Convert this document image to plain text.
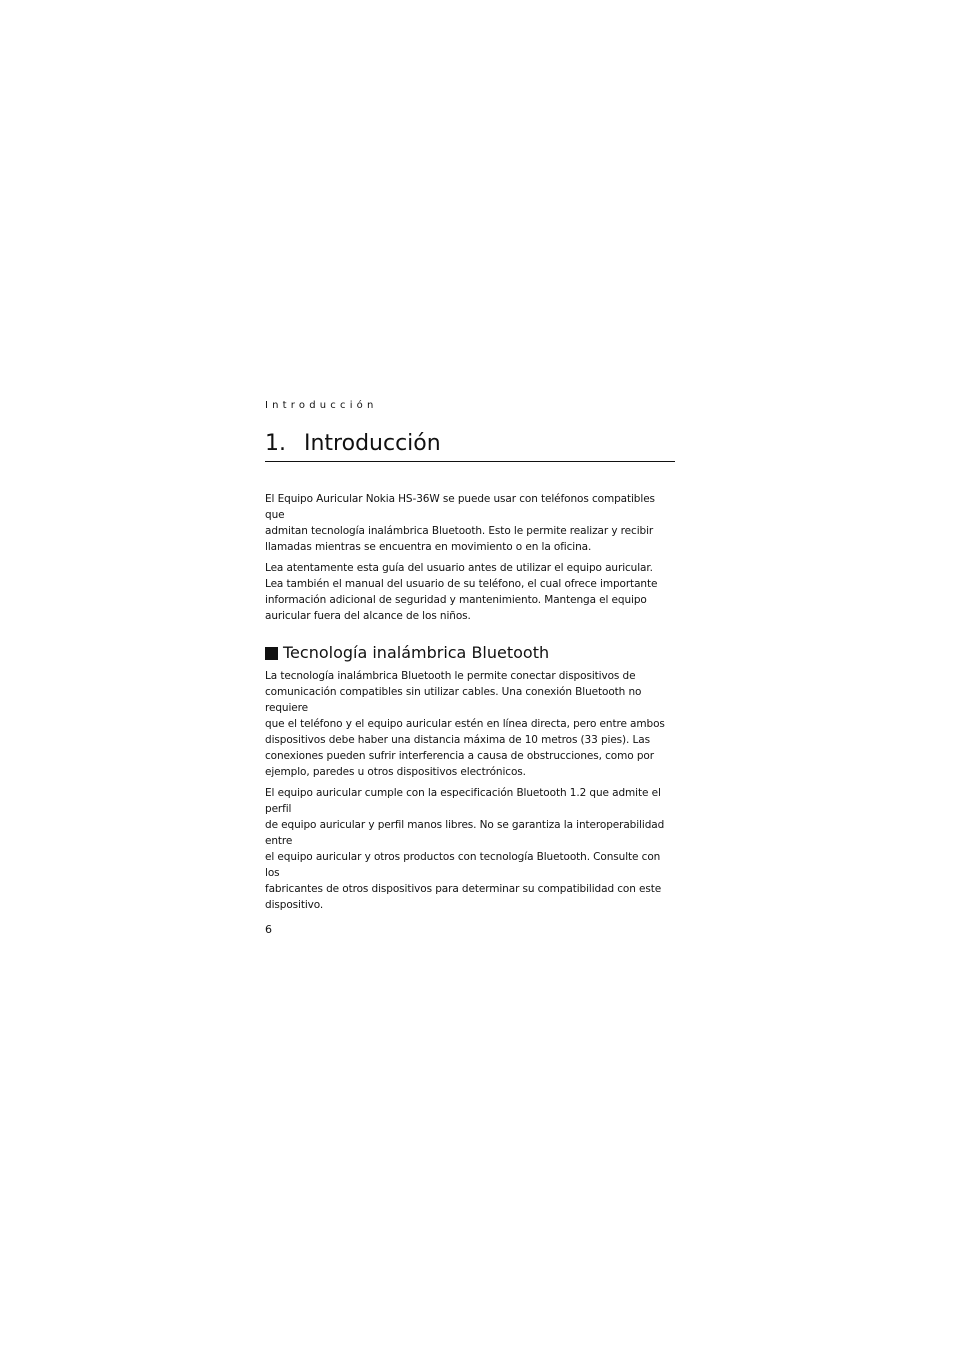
Introducción

1. Introducción

El Equipo Auricular Nokia HS-36W se puede usar con teléfonos compatibles que
admitan tecnología inalámbrica Bluetooth. Esto le permite realizar y recibir
llamadas mientras se encuentra en movimiento o en la oficina.

Lea atentamente esta guía del usuario antes de utilizar el equipo auricular.
Lea también el manual del usuario de su teléfono, el cual ofrece importante
información adicional de seguridad y mantenimiento. Mantenga el equipo
auricular fuera del alcance de los niños.

Tecnología inalámbrica Bluetooth

La tecnología inalámbrica Bluetooth le permite conectar dispositivos de
comunicación compatibles sin utilizar cables. Una conexión Bluetooth no requiere
que el teléfono y el equipo auricular estén en línea directa, pero entre ambos
dispositivos debe haber una distancia máxima de 10 metros (33 pies). Las
conexiones pueden sufrir interferencia a causa de obstrucciones, como por
ejemplo, paredes u otros dispositivos electrónicos.

El equipo auricular cumple con la especificación Bluetooth 1.2 que admite el perfil
de equipo auricular y perfil manos libres. No se garantiza la interoperabilidad entre
el equipo auricular y otros productos con tecnología Bluetooth. Consulte con los
fabricantes de otros dispositivos para determinar su compatibilidad con este
dispositivo.

6
